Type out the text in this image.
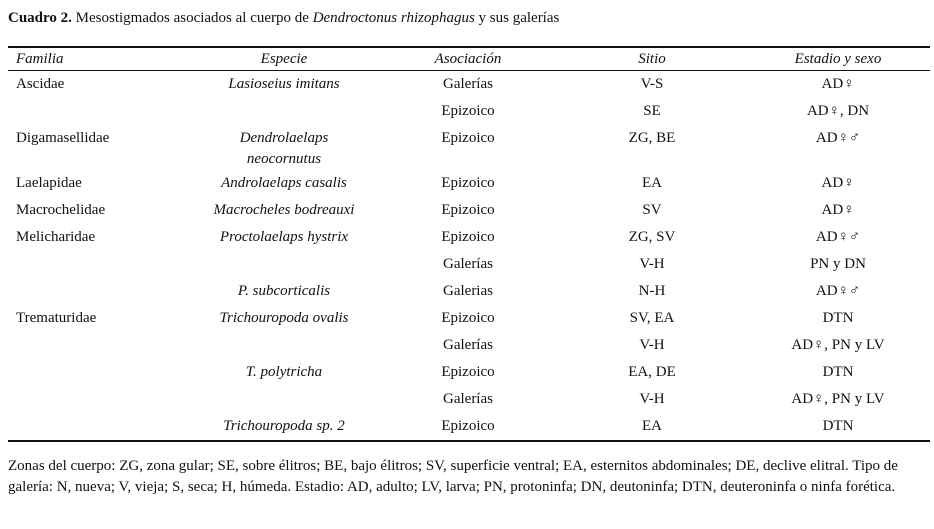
Cuadro 2. Mesostigmados asociados al cuerpo de Dendroctonus rhizophagus y sus galerías
Familia	Especie	Asociación	Sitio	Estadio y sexo
Ascidae	Lasioseius imitans	Galerías	V-S	AD♀
		Epizoico	SE	AD♀, DN
Digamasellidae	Dendrolaelaps neocornutus	Epizoico	ZG, BE	AD♀♂
Laelapidae	Androlaelaps casalis	Epizoico	EA	AD♀
Macrochelidae	Macrocheles bodreauxi	Epizoico	SV	AD♀
Melicharidae	Proctolaelaps hystrix	Epizoico	ZG, SV	AD♀♂
		Galerías	V-H	PN y DN
	P. subcorticalis	Galerias	N-H	AD♀♂
Trematuridae	Trichouropoda ovalis	Epizoico	SV, EA	DTN
		Galerías	V-H	AD♀, PN y LV
	T. polytricha	Epizoico	EA, DE	DTN
		Galerías	V-H	AD♀, PN y LV
	Trichouropoda sp. 2	Epizoico	EA	DTN
Zonas del cuerpo: ZG, zona gular; SE, sobre élitros; BE, bajo élitros; SV, superficie ventral; EA, esternitos abdominales; DE, declive elitral. Tipo de galería: N, nueva; V, vieja; S, seca; H, húmeda. Estadio: AD, adulto; LV, larva; PN, protoninfa; DN, deutoninfa; DTN, deuteroninfa o ninfa forética.
